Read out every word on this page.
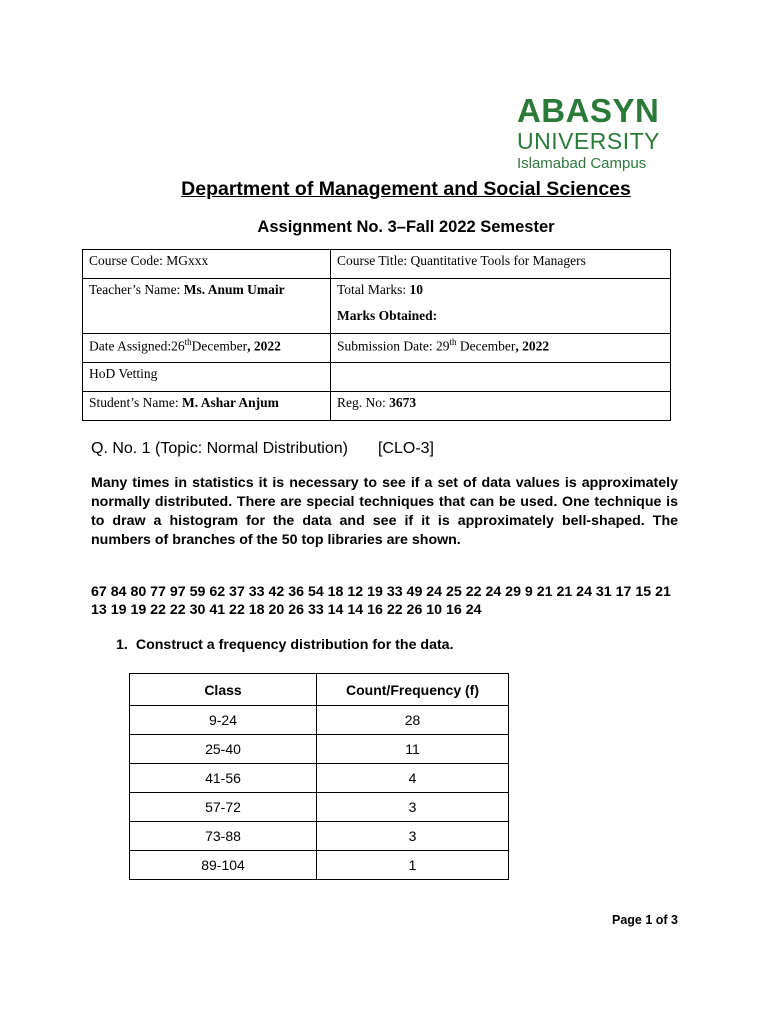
ABASYN
UNIVERSITY
Islamabad Campus
Department of Management and Social Sciences
Assignment No. 3–Fall 2022 Semester
Course Code: MGxxx	Course Title: Quantitative Tools for Managers
Teacher’s Name: Ms. Anum Umair	Total Marks: 10
Marks Obtained:

Date Assigned:26thDecember, 2022	Submission Date: 29th December, 2022
HoD Vetting	
Student’s Name: M. Ashar Anjum	Reg. No: 3673
Q. No. 1 (Topic: Normal Distribution) [CLO-3]
Many times in statistics it is necessary to see if a set of data values is approximately normally distributed. There are special techniques that can be used. One technique is to draw a histogram for the data and see if it is approximately bell-shaped. The numbers of branches of the 50 top libraries are shown.
67 84 80 77 97 59 62 37 33 42 36 54 18 12 19 33 49 24 25 22 24 29 9 21 21 24 31 17 15 21 13 19 19 22 22 30 41 22 18 20 26 33 14 14 16 22 26 10 16 24
1. Construct a frequency distribution for the data.
Class	Count/Frequency (f)
9-24	28
25-40	11
41-56	4
57-72	3
73-88	3
89-104	1
Page 1 of 3
